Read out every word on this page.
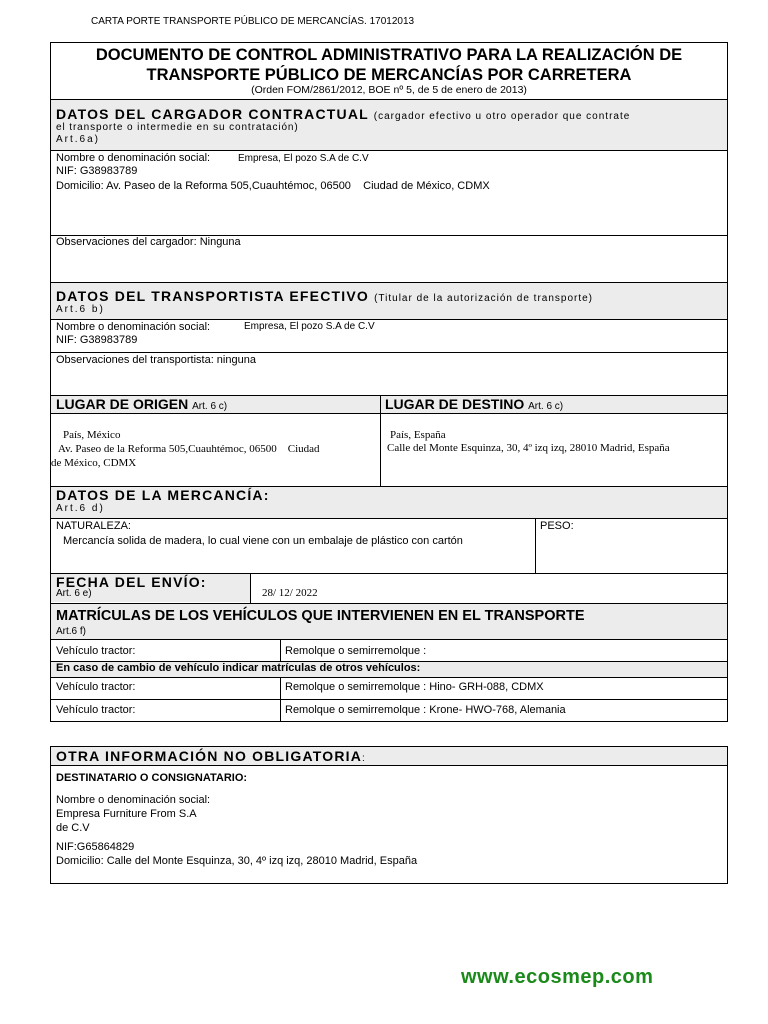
CARTA PORTE TRANSPORTE PÚBLICO DE MERCANCÍAS. 17012013
DOCUMENTO DE CONTROL ADMINISTRATIVO PARA LA REALIZACIÓN DE
TRANSPORTE PÚBLICO DE MERCANCÍAS POR CARRETERA
(Orden FOM/2861/2012, BOE nº 5, de 5 de enero de 2013)
DATOS DEL CARGADOR CONTRACTUAL (cargador efectivo u otro operador que contrate
el transporte o intermedie en su contratación)
Art.6a)
Nombre o denominación social:	Empresa, El pozo S.A de C.V
NIF: G38983789
Domicilio: Av. Paseo de la Reforma 505,Cuauhtémoc, 06500    Ciudad de México, CDMX
Observaciones del cargador: Ninguna
DATOS DEL TRANSPORTISTA EFECTIVO (Titular de la autorización de transporte)
Art.6 b)
Nombre o denominación social:	Empresa, El pozo S.A de C.V
NIF: G38983789
Observaciones del transportista: ninguna
LUGAR DE ORIGEN Art. 6 c)	LUGAR DE DESTINO Art. 6 c)
País, México
Av. Paseo de la Reforma 505,Cuauhtémoc, 06500    Ciudad
de México, CDMX
País, España
Calle del Monte Esquinza, 30, 4º izq izq, 28010 Madrid, España
DATOS DE LA MERCANCÍA:
Art.6 d)
NATURALEZA:
Mercancía solida de madera, lo cual viene con un embalaje de plástico con cartón
PESO:
FECHA DEL ENVÍO:
Art. 6 e)	28/ 12/ 2022
MATRÍCULAS DE LOS VEHÍCULOS QUE INTERVIENEN EN EL TRANSPORTE
Art.6 f)
Vehículo tractor:	Remolque o semirremolque :
En caso de cambio de vehículo indicar matrículas de otros vehículos:
Vehículo tractor:	Remolque o semirremolque : Hino- GRH-088, CDMX
Vehículo tractor:	Remolque o semirremolque : Krone- HWO-768, Alemania
OTRA INFORMACIÓN NO OBLIGATORIA:
DESTINATARIO O CONSIGNATARIO:
Nombre o denominación social:
Empresa Furniture From S.A
de C.V
NIF:G65864829
Domicilio: Calle del Monte Esquinza, 30, 4º izq izq, 28010 Madrid, España
www.ecosmep.com
